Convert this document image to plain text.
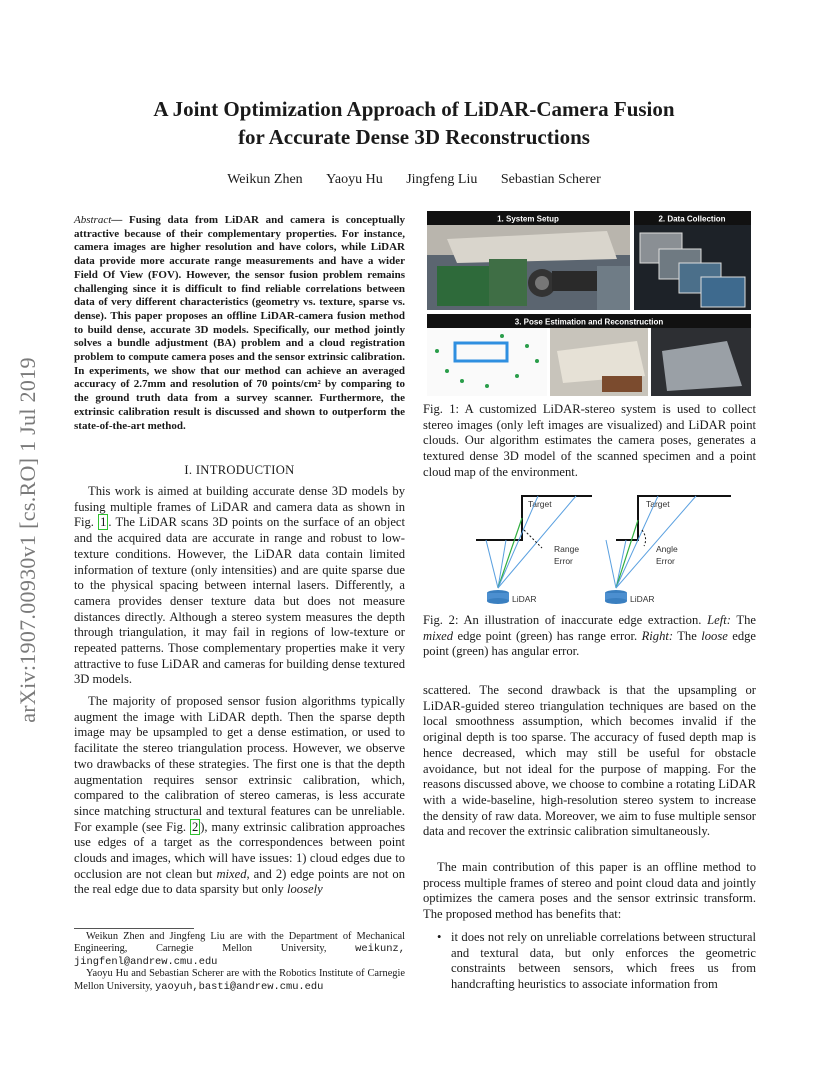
arXiv:1907.00930v1 [cs.RO] 1 Jul 2019
A Joint Optimization Approach of LiDAR-Camera Fusion
for Accurate Dense 3D Reconstructions
Weikun Zhen Yaoyu Hu Jingfeng Liu Sebastian Scherer
Abstract— Fusing data from LiDAR and camera is conceptually attractive because of their complementary properties. For instance, camera images are higher resolution and have colors, while LiDAR data provide more accurate range measurements and have a wider Field Of View (FOV). However, the sensor fusion problem remains challenging since it is difficult to find reliable correlations between data of very different characteristics (geometry vs. texture, sparse vs. dense). This paper proposes an offline LiDAR-camera fusion method to build dense, accurate 3D models. Specifically, our method jointly solves a bundle adjustment (BA) problem and a cloud registration problem to compute camera poses and the sensor extrinsic calibration. In experiments, we show that our method can achieve an averaged accuracy of 2.7mm and resolution of 70 points/cm² by comparing to the ground truth data from a survey scanner. Furthermore, the extrinsic calibration result is discussed and shown to outperform the state-of-the-art method.
I. INTRODUCTION
This work is aimed at building accurate dense 3D models by fusing multiple frames of LiDAR and camera data as shown in Fig. 1 . The LiDAR scans 3D points on the surface of an object and the acquired data are accurate in range and robust to low-texture conditions. However, the LiDAR data contain limited information of texture (only intensities) and are quite sparse due to the physical spacing between internal lasers. Differently, a camera provides denser texture data but does not measure distances directly. Although a stereo system measures the depth through triangulation, it may fail in regions of low-texture or repeated patterns. Those complementary properties make it very attractive to fuse LiDAR and cameras for building dense textured 3D models.
The majority of proposed sensor fusion algorithms typically augment the image with LiDAR depth. Then the sparse depth image may be upsampled to get a dense estimation, or used to facilitate the stereo triangulation process. However, we observe two drawbacks of these strategies. The first one is that the depth augmentation requires sensor extrinsic calibration, which, compared to the calibration of stereo cameras, is less accurate since matching structural and textural features can be unreliable. For example (see Fig. 2 ), many extrinsic calibration approaches use edges of a target as the correspondences between point clouds and images, which will have issues: 1) cloud edges due to occlusion are not clean but mixed, and 2) edge points are not on the real edge due to data sparsity but only loosely

Weikun Zhen and Jingfeng Liu are with the Department of Mechanical Engineering, Carnegie Mellon University,	weikunz, jingfenl@andrew.cmu.edu

Yaoyu Hu and Sebastian Scherer are with the Robotics Institute of Carnegie Mellon University, yaoyuh,basti@andrew.cmu.edu

1. System Setup	2. Data Collection
3. Pose Estimation and Reconstruction
Fig. 1: A customized LiDAR-stereo system is used to collect stereo images (only left images are visualized) and LiDAR point clouds. Our algorithm estimates the camera poses, generates a textured dense 3D model of the scanned specimen and a point cloud map of the environment.
Target
Range
Error
LiDAR
Target
Angle
Error
LiDAR
Fig. 2: An illustration of inaccurate edge extraction. Left: The mixed edge point (green) has range error. Right: The loose edge point (green) has angular error.
scattered. The second drawback is that the upsampling or LiDAR-guided stereo triangulation techniques are based on the local smoothness assumption, which becomes invalid if the original depth is too sparse. The accuracy of fused depth map is hence decreased, which may still be useful for obstacle avoidance, but not ideal for the purpose of mapping. For the reasons discussed above, we choose to combine a rotating LiDAR with a wide-baseline, high-resolution stereo system to increase the density of raw data. Moreover, we aim to fuse multiple sensor data and recover the extrinsic calibration simultaneously.
The main contribution of this paper is an offline method to process multiple frames of stereo and point cloud data and jointly optimizes the camera poses and the sensor extrinsic transform. The proposed method has benefits that:
• it does not rely on unreliable correlations between structural and textural data, but only enforces the geometric constraints between sensors, which frees us from handcrafting heuristics to associate information from
